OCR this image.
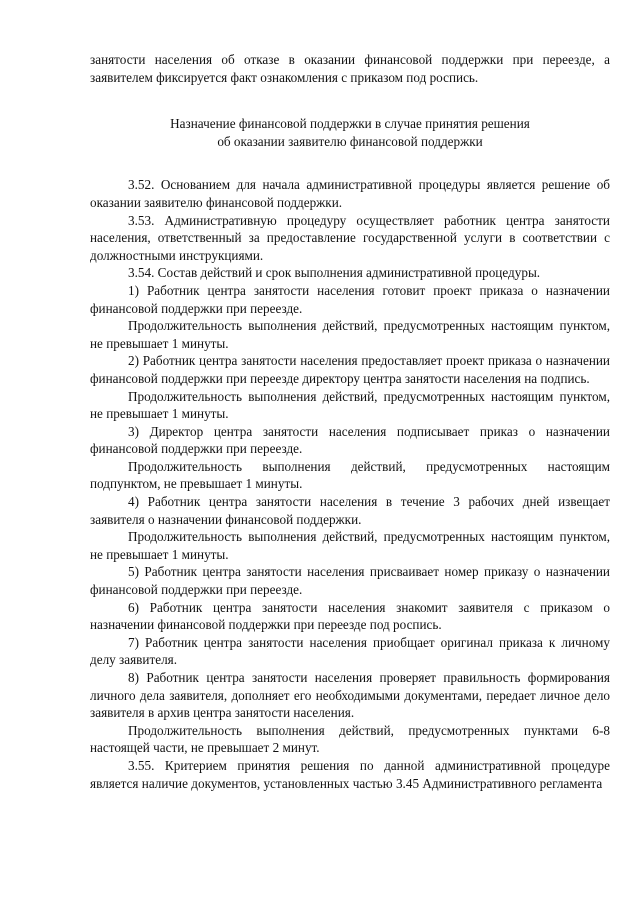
занятости населения об отказе в оказании финансовой поддержки при переезде, а заявителем фиксируется факт ознакомления с приказом под роспись.

Назначение финансовой поддержки в случае принятия решения
об оказании заявителю финансовой поддержки

3.52. Основанием для начала административной процедуры является решение об оказании заявителю финансовой поддержки.

3.53. Административную процедуру осуществляет работник центра занятости населения, ответственный за предоставление государственной услуги в соответствии с должностными инструкциями.

3.54. Состав действий и срок выполнения административной процедуры.

1) Работник центра занятости населения готовит проект приказа о назначении финансовой поддержки при переезде.

Продолжительность выполнения действий, предусмотренных настоящим пунктом, не превышает 1 минуты.

2) Работник центра занятости населения предоставляет проект приказа о назначении финансовой поддержки при переезде директору центра занятости населения на подпись.

Продолжительность выполнения действий, предусмотренных настоящим пунктом, не превышает 1 минуты.

3) Директор центра занятости населения подписывает приказ о назначении финансовой поддержки при переезде.

Продолжительность выполнения действий, предусмотренных настоящим подпунктом, не превышает 1 минуты.

4) Работник центра занятости населения в течение 3 рабочих дней извещает заявителя о назначении финансовой поддержки.

Продолжительность выполнения действий, предусмотренных настоящим пунктом, не превышает 1 минуты.

5) Работник центра занятости населения присваивает номер приказу о назначении финансовой поддержки при переезде.

6) Работник центра занятости населения знакомит заявителя с приказом о назначении финансовой поддержки при переезде под роспись.

7) Работник центра занятости населения приобщает оригинал приказа к личному делу заявителя.

8) Работник центра занятости населения проверяет правильность формирования личного дела заявителя, дополняет его необходимыми документами, передает личное дело заявителя в архив центра занятости населения.

Продолжительность выполнения действий, предусмотренных пунктами 6-8 настоящей части, не превышает 2 минут.

3.55. Критерием принятия решения по данной административной процедуре является наличие документов, установленных частью 3.45 Административного регламента
